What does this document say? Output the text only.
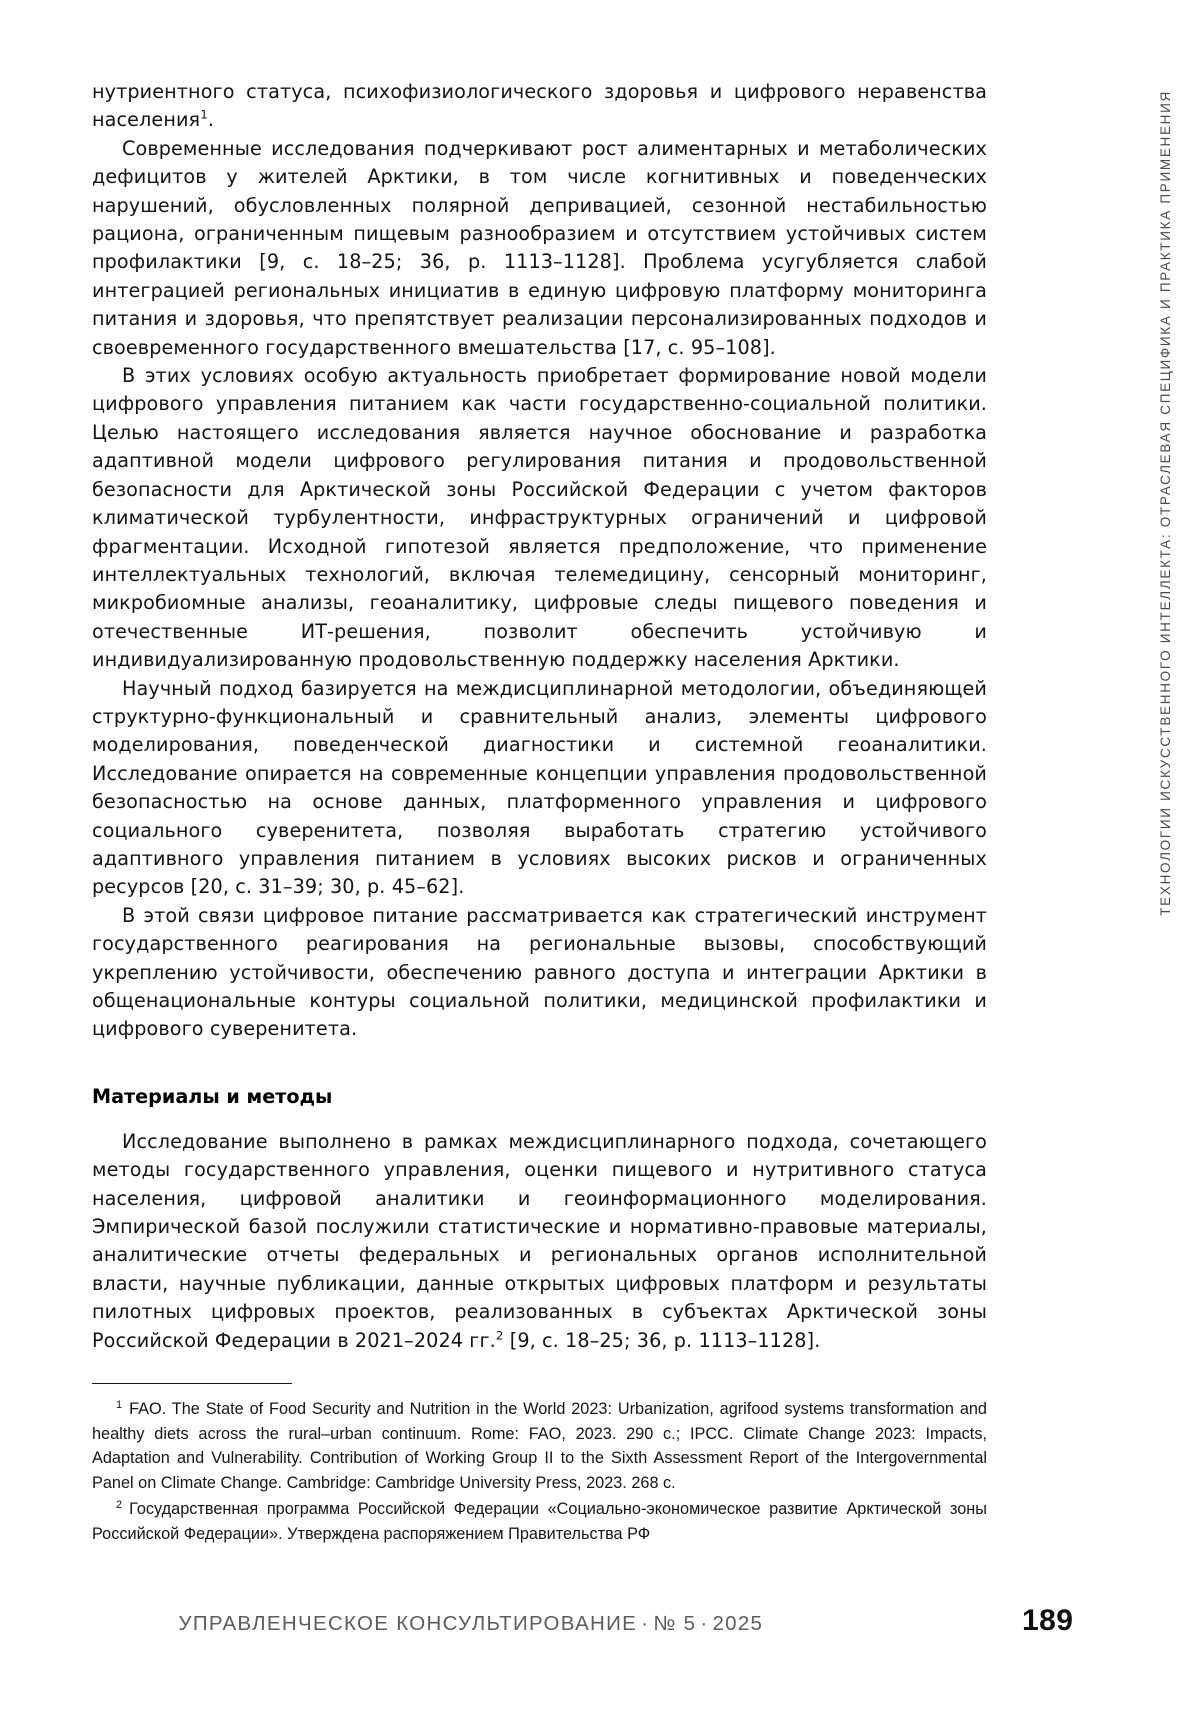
ТЕХНОЛОГИИ ИСКУССТВЕННОГО ИНТЕЛЛЕКТА: ОТРАСЛЕВАЯ СПЕЦИФИКА И ПРАКТИКА ПРИМЕНЕНИЯ

нутриентного статуса, психофизиологического здоровья и цифрового неравенства населения$^1$.

Современные исследования подчеркивают рост алиментарных и метаболических дефицитов у жителей Арктики, в том числе когнитивных и поведенческих нарушений, обусловленных полярной депривацией, сезонной нестабильностью рациона, ограниченным пищевым разнообразием и отсутствием устойчивых систем профилактики [9, с. 18–25; 36, p. 1113–1128]. Проблема усугубляется слабой интеграцией региональных инициатив в единую цифровую платформу мониторинга питания и здоровья, что препятствует реализации персонализированных подходов и своевременного государственного вмешательства [17, с. 95–108].

В этих условиях особую актуальность приобретает формирование новой модели цифрового управления питанием как части государственно-социальной политики. Целью настоящего исследования является научное обоснование и разработка адаптивной модели цифрового регулирования питания и продовольственной безопасности для Арктической зоны Российской Федерации с учетом факторов климатической турбулентности, инфраструктурных ограничений и цифровой фрагментации. Исходной гипотезой является предположение, что применение интеллектуальных технологий, включая телемедицину, сенсорный мониторинг, микробиомные анализы, геоаналитику, цифровые следы пищевого поведения и отечественные ИТ-решения, позволит обеспечить устойчивую и индивидуализированную продовольственную поддержку населения Арктики.

Научный подход базируется на междисциплинарной методологии, объединяющей структурно-функциональный и сравнительный анализ, элементы цифрового моделирования, поведенческой диагностики и системной геоаналитики. Исследование опирается на современные концепции управления продовольственной безопасностью на основе данных, платформенного управления и цифрового социального суверенитета, позволяя выработать стратегию устойчивого адаптивного управления питанием в условиях высоких рисков и ограниченных ресурсов [20, с. 31–39; 30, p. 45–62].

В этой связи цифровое питание рассматривается как стратегический инструмент государственного реагирования на региональные вызовы, способствующий укреплению устойчивости, обеспечению равного доступа и интеграции Арктики в общенациональные контуры социальной политики, медицинской профилактики и цифрового суверенитета.

Материалы и методы

Исследование выполнено в рамках междисциплинарного подхода, сочетающего методы государственного управления, оценки пищевого и нутритивного статуса населения, цифровой аналитики и геоинформационного моделирования. Эмпирической базой послужили статистические и нормативно-правовые материалы, аналитические отчеты федеральных и региональных органов исполнительной власти, научные публикации, данные открытых цифровых платформ и результаты пилотных цифровых проектов, реализованных в субъектах Арктической зоны Российской Федерации в 2021–2024 гг.$^2$ [9, с. 18–25; 36, p. 1113–1128].

$^1$ FAO. The State of Food Security and Nutrition in the World 2023: Urbanization, agrifood systems transformation and healthy diets across the rural–urban continuum. Rome: FAO, 2023. 290 c.; IPCC. Climate Change 2023: Impacts, Adaptation and Vulnerability. Contribution of Working Group II to the Sixth Assessment Report of the Intergovernmental Panel on Climate Change. Cambridge: Cambridge University Press, 2023. 268 c.

$^2$ Государственная программа Российской Федерации «Социально-экономическое развитие Арктической зоны Российской Федерации». Утверждена распоряжением Правительства РФ

УПРАВЛЕНЧЕСКОЕ КОНСУЛЬТИРОВАНИЕ · № 5 · 2025	189
